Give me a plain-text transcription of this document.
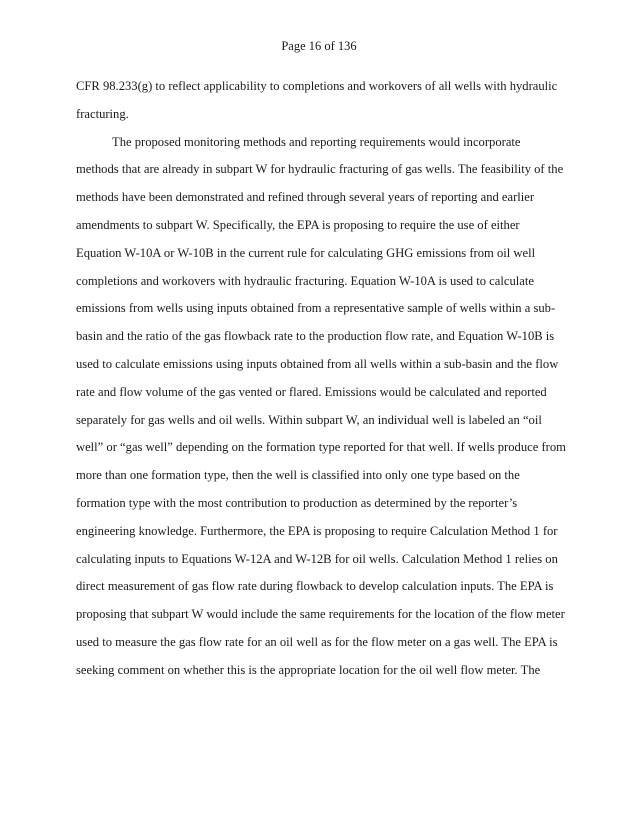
Page 16 of 136
CFR 98.233(g) to reflect applicability to completions and workovers of all wells with hydraulic
fracturing.
The proposed monitoring methods and reporting requirements would incorporate
methods that are already in subpart W for hydraulic fracturing of gas wells. The feasibility of the
methods have been demonstrated and refined through several years of reporting and earlier
amendments to subpart W. Specifically, the EPA is proposing to require the use of either
Equation W-10A or W-10B in the current rule for calculating GHG emissions from oil well
completions and workovers with hydraulic fracturing. Equation W-10A is used to calculate
emissions from wells using inputs obtained from a representative sample of wells within a sub-
basin and the ratio of the gas flowback rate to the production flow rate, and Equation W-10B is
used to calculate emissions using inputs obtained from all wells within a sub-basin and the flow
rate and flow volume of the gas vented or flared. Emissions would be calculated and reported
separately for gas wells and oil wells. Within subpart W, an individual well is labeled an “oil
well” or “gas well” depending on the formation type reported for that well. If wells produce from
more than one formation type, then the well is classified into only one type based on the
formation type with the most contribution to production as determined by the reporter’s
engineering knowledge. Furthermore, the EPA is proposing to require Calculation Method 1 for
calculating inputs to Equations W-12A and W-12B for oil wells. Calculation Method 1 relies on
direct measurement of gas flow rate during flowback to develop calculation inputs. The EPA is
proposing that subpart W would include the same requirements for the location of the flow meter
used to measure the gas flow rate for an oil well as for the flow meter on a gas well. The EPA is
seeking comment on whether this is the appropriate location for the oil well flow meter. The
